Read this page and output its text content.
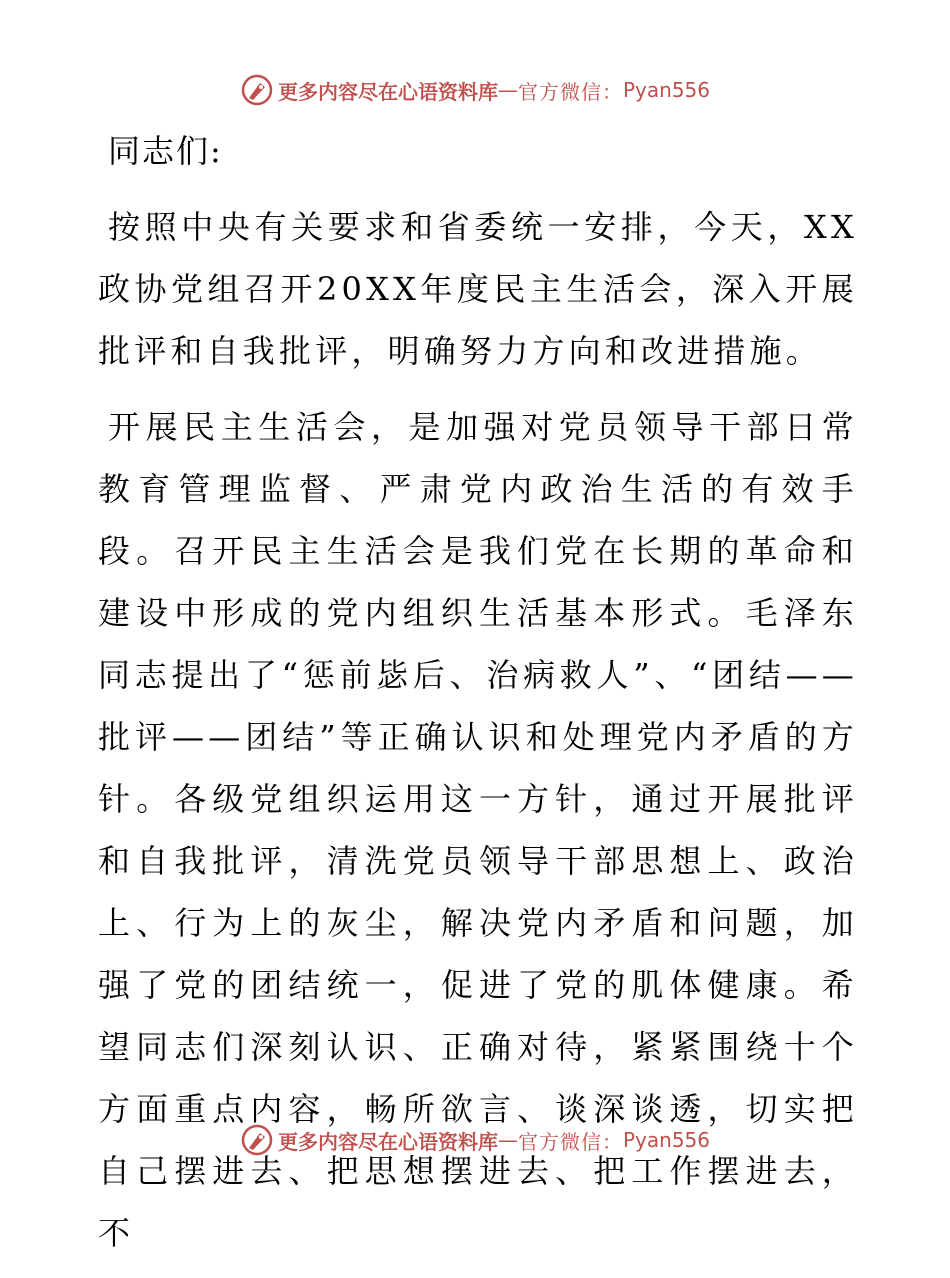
更多内容尽在心语资料库 — 官方微信： Pyan556
同志们:

按照中央有关要求和省委统一安排，今天，XX政协党组召开20XX年度民主生活会，深入开展批评和自我批评，明确努力方向和改进措施。

开展民主生活会，是加强对党员领导干部日常教育管理监督、严肃党内政治生活的有效手段。召开民主生活会是我们党在长期的革命和建设中形成的党内组织生活基本形式。毛泽东同志提出了“惩前毖后、治病救人”、“团结——批评——团结”等正确认识和处理党内矛盾的方针。各级党组织运用这一方针，通过开展批评和自我批评，清洗党员领导干部思想上、政治上、行为上的灰尘，解决党内矛盾和问题，加强了党的团结统一，促进了党的肌体健康。希望同志们深刻认识、正确对待，紧紧围绕十个方面重点内容，畅所欲言、谈深谈透，切实把自己摆进去、把思想摆进去、把工作摆进去，不

更多内容尽在心语资料库 — 官方微信： Pyan556
